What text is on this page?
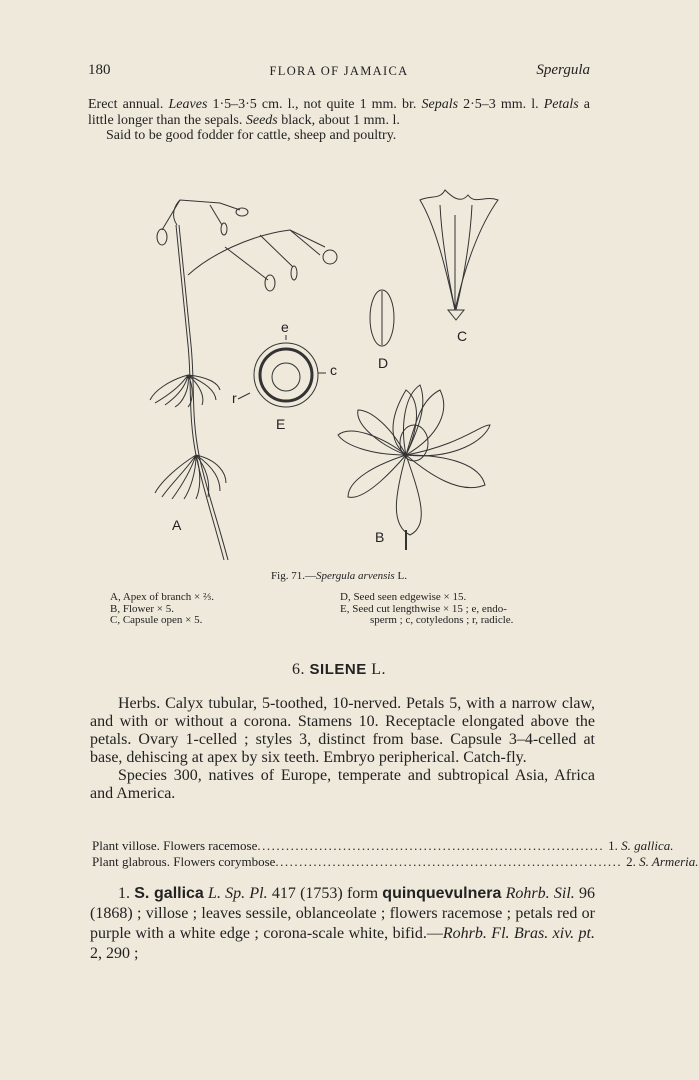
180	FLORA OF JAMAICA	Spergula

Erect annual. Leaves 1·5–3·5 cm. l., not quite 1 mm. br. Sepals 2·5–3 mm. l. Petals a little longer than the sepals. Seeds black, about 1 mm. l.

Said to be good fodder for cattle, sheep and poultry.

A
B
C
D
E
e
c
r
Fig. 71.—Spergula arvensis L.
A, Apex of branch × ⅔.
B, Flower × 5.
C, Capsule open × 5.
D, Seed seen edgewise × 15.
E, Seed cut lengthwise × 15 ; e, endo-
sperm ; c, cotyledons ; r, radicle.
6. SILENE L.

Herbs. Calyx tubular, 5-toothed, 10-nerved. Petals 5, with a narrow claw, and with or without a corona. Stamens 10. Receptacle elongated above the petals. Ovary 1-celled ; styles 3, distinct from base. Capsule 3–4-celled at base, dehiscing at apex by six teeth. Embryo peripherical. Catch-fly.

Species 300, natives of Europe, temperate and subtropical Asia, Africa and America.

Plant villose. Flowers racemose ......................................................................... 1. S. gallica.
Plant glabrous. Flowers corymbose ......................................................................... 2. S. Armeria.
1. S. gallica L. Sp. Pl. 417 (1753) form quinquevulnera Rohrb. Sil. 96 (1868) ; villose ; leaves sessile, oblanceolate ; flowers racemose ; petals red or purple with a white edge ; corona-scale white, bifid.—Rohrb. Fl. Bras. xiv. pt. 2, 290 ;
